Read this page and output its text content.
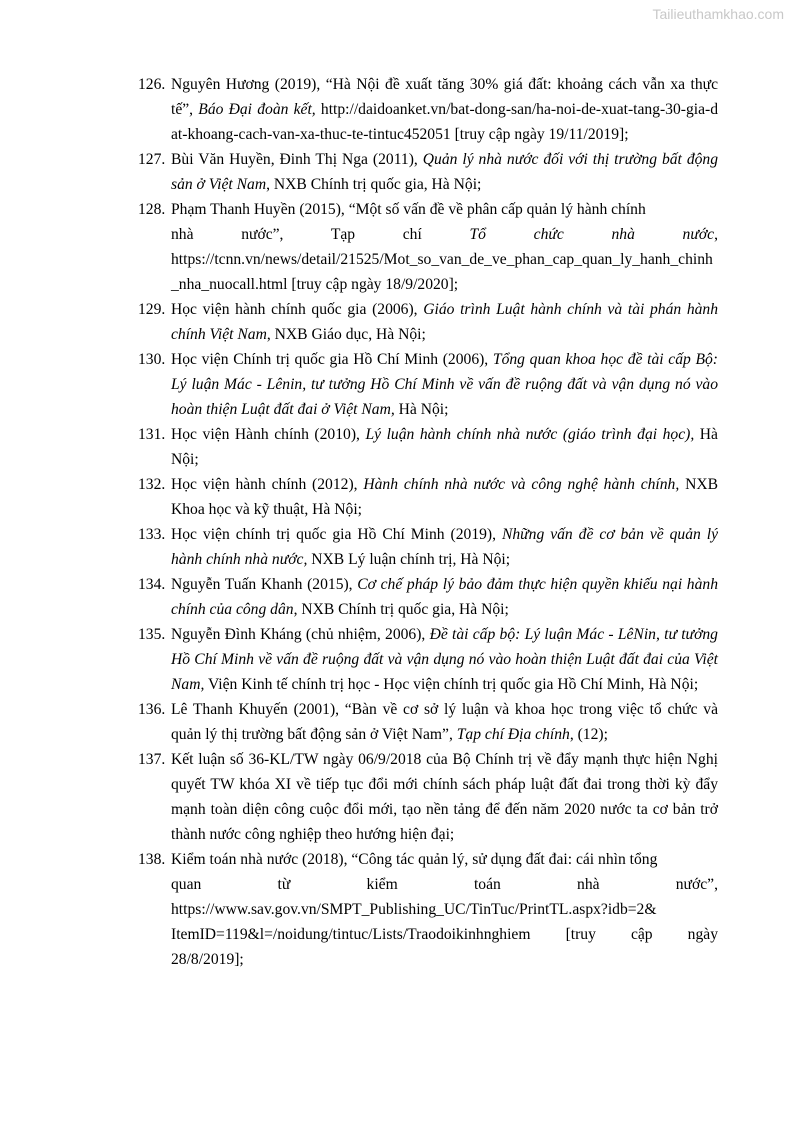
Tailieuthamkhao.com
126. Nguyên Hương (2019), “Hà Nội đề xuất tăng 30% giá đất: khoảng cách vẫn xa thực tế”, Báo Đại đoàn kết, http://daidoanket.vn/bat-dong-san/ha-noi-de-xuat-tang-30-gia-dat-khoang-cach-van-xa-thuc-te-tintuc452051 [truy cập ngày 19/11/2019];
127. Bùi Văn Huyền, Đinh Thị Nga (2011), Quản lý nhà nước đối với thị trường bất động sản ở Việt Nam, NXB Chính trị quốc gia, Hà Nội;
128. Phạm Thanh Huyền (2015), “Một số vấn đề về phân cấp quản lý hành chính
nhà nước”, Tạp chí	Tổ chức nhà nước,
https://tcnn.vn/news/detail/21525/Mot_so_van_de_ve_phan_cap_quan_ly_hanh_chinh_nha_nuocall.html [truy cập ngày 18/9/2020];
129. Học viện hành chính quốc gia (2006), Giáo trình Luật hành chính và tài phán hành chính Việt Nam, NXB Giáo dục, Hà Nội;
130. Học viện Chính trị quốc gia Hồ Chí Minh (2006), Tổng quan khoa học đề tài cấp Bộ: Lý luận Mác - Lênin, tư tưởng Hồ Chí Minh về vấn đề ruộng đất và vận dụng nó vào hoàn thiện Luật đất đai ở Việt Nam, Hà Nội;
131. Học viện Hành chính (2010), Lý luận hành chính nhà nước (giáo trình đại học), Hà Nội;
132. Học viện hành chính (2012), Hành chính nhà nước và công nghệ hành chính, NXB Khoa học và kỹ thuật, Hà Nội;
133. Học viện chính trị quốc gia Hồ Chí Minh (2019), Những vấn đề cơ bản về quản lý hành chính nhà nước, NXB Lý luận chính trị, Hà Nội;
134. Nguyễn Tuấn Khanh (2015), Cơ chế pháp lý bảo đảm thực hiện quyền khiếu nại hành chính của công dân, NXB Chính trị quốc gia, Hà Nội;
135. Nguyễn Đình Kháng (chủ nhiệm, 2006), Đề tài cấp bộ: Lý luận Mác - LêNin, tư tưởng Hồ Chí Minh về vấn đề ruộng đất và vận dụng nó vào hoàn thiện Luật đất đai của Việt Nam, Viện Kinh tế chính trị học - Học viện chính trị quốc gia Hồ Chí Minh, Hà Nội;
136. Lê Thanh Khuyến (2001), “Bàn về cơ sở lý luận và khoa học trong việc tổ chức và quản lý thị trường bất động sản ở Việt Nam”, Tạp chí Địa chính, (12);
137. Kết luận số 36-KL/TW ngày 06/9/2018 của Bộ Chính trị về đẩy mạnh thực hiện Nghị quyết TW khóa XI về tiếp tục đổi mới chính sách pháp luật đất đai trong thời kỳ đẩy mạnh toàn diện công cuộc đổi mới, tạo nền tảng để đến năm 2020 nước ta cơ bản trở thành nước công nghiệp theo hướng hiện đại;
138. Kiểm toán nhà nước (2018), “Công tác quản lý, sử dụng đất đai: cái nhìn tổng
quan từ kiểm toán nhà nước”,
https://www.sav.gov.vn/SMPT_Publishing_UC/TinTuc/PrintTL.aspx?idb=2&
ItemID=119&l=/noidung/tintuc/Lists/Traodoikinhnghiem [truy cập ngày
28/8/2019];
